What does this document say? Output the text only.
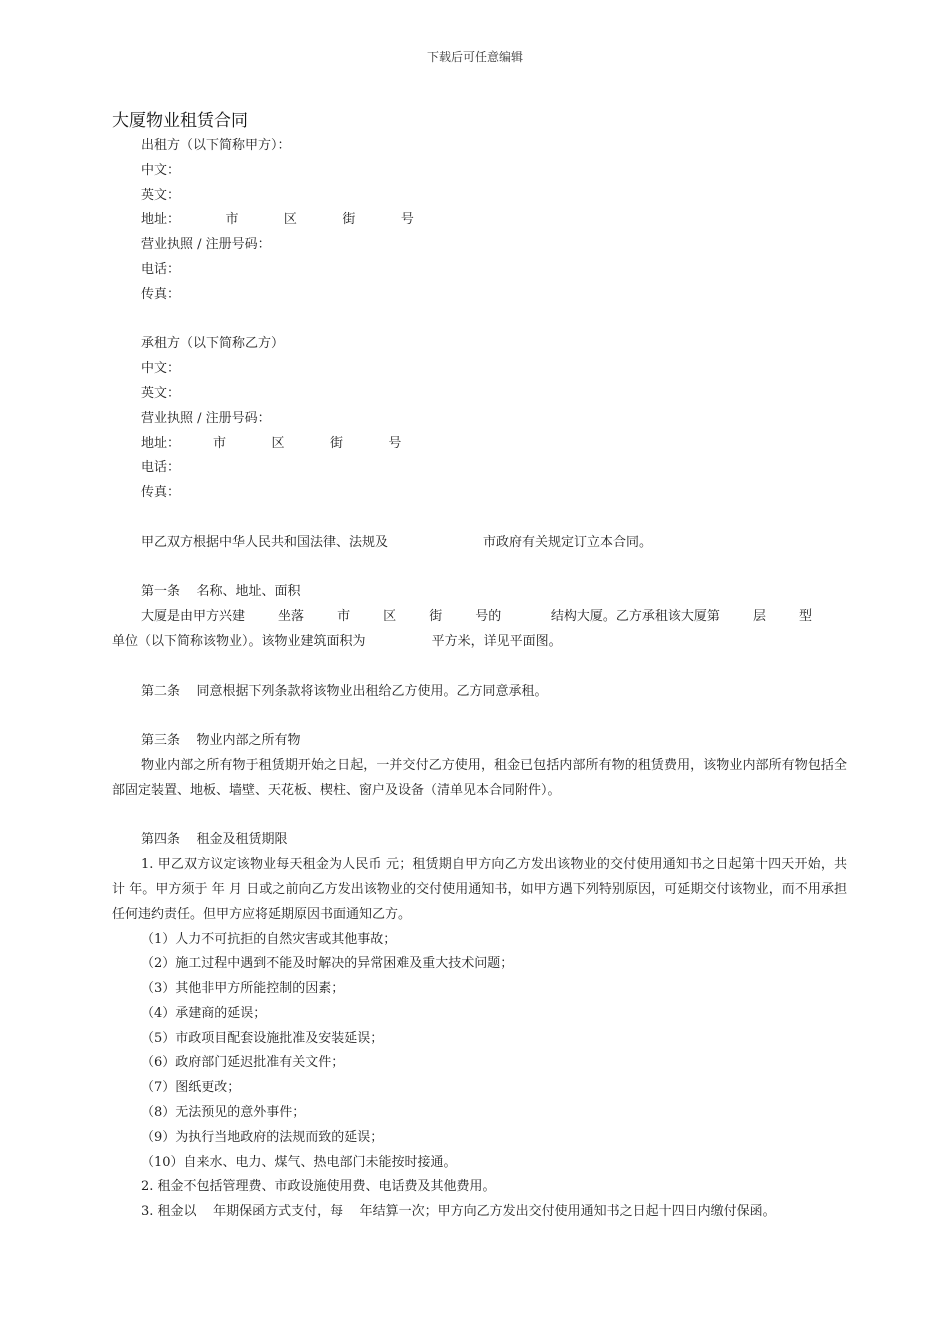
下载后可任意编辑
大厦物业租赁合同
出租方（以下简称甲方）：
中文：
英文：
地址：           市           区           街           号
营业执照 / 注册号码：
电话：
传真：
承租方（以下简称乙方）
中文：
英文：
营业执照 / 注册号码：
地址：        市           区           街           号
电话：
传真：
甲乙双方根据中华人民共和国法律、法规及                       市政府有关规定订立本合同。
第一条    名称、地址、面积
大厦是由甲方兴建        坐落        市        区        街        号的            结构大厦。乙方承租该大厦第        层        型
单位（以下简称该物业）。该物业建筑面积为                平方米，详见平面图。
第二条    同意根据下列条款将该物业出租给乙方使用。乙方同意承租。
第三条    物业内部之所有物
物业内部之所有物于租赁期开始之日起，一并交付乙方使用，租金已包括内部所有物的租赁费用，该物业内部所有物包括全部固定装置、地板、墙壁、天花板、楔柱、窗户及设备（清单见本合同附件）。
第四条    租金及租赁期限
1. 甲乙双方议定该物业每天租金为人民币 元；租赁期自甲方向乙方发出该物业的交付使用通知书之日起第十四天开始，共计 年。甲方须于 年 月 日或之前向乙方发出该物业的交付使用通知书，如甲方遇下列特别原因，可延期交付该物业，而不用承担任何违约责任。但甲方应将延期原因书面通知乙方。
（1）人力不可抗拒的自然灾害或其他事故；
（2）施工过程中遇到不能及时解决的异常困难及重大技术问题；
（3）其他非甲方所能控制的因素；
（4）承建商的延误；
（5）市政项目配套设施批准及安装延误；
（6）政府部门延迟批准有关文件；
（7）图纸更改；
（8）无法预见的意外事件；
（9）为执行当地政府的法规而致的延误；
（10）自来水、电力、煤气、热电部门未能按时接通。
2. 租金不包括管理费、市政设施使用费、电话费及其他费用。
3. 租金以    年期保函方式支付，每    年结算一次；甲方向乙方发出交付使用通知书之日起十四日内缴付保函。
